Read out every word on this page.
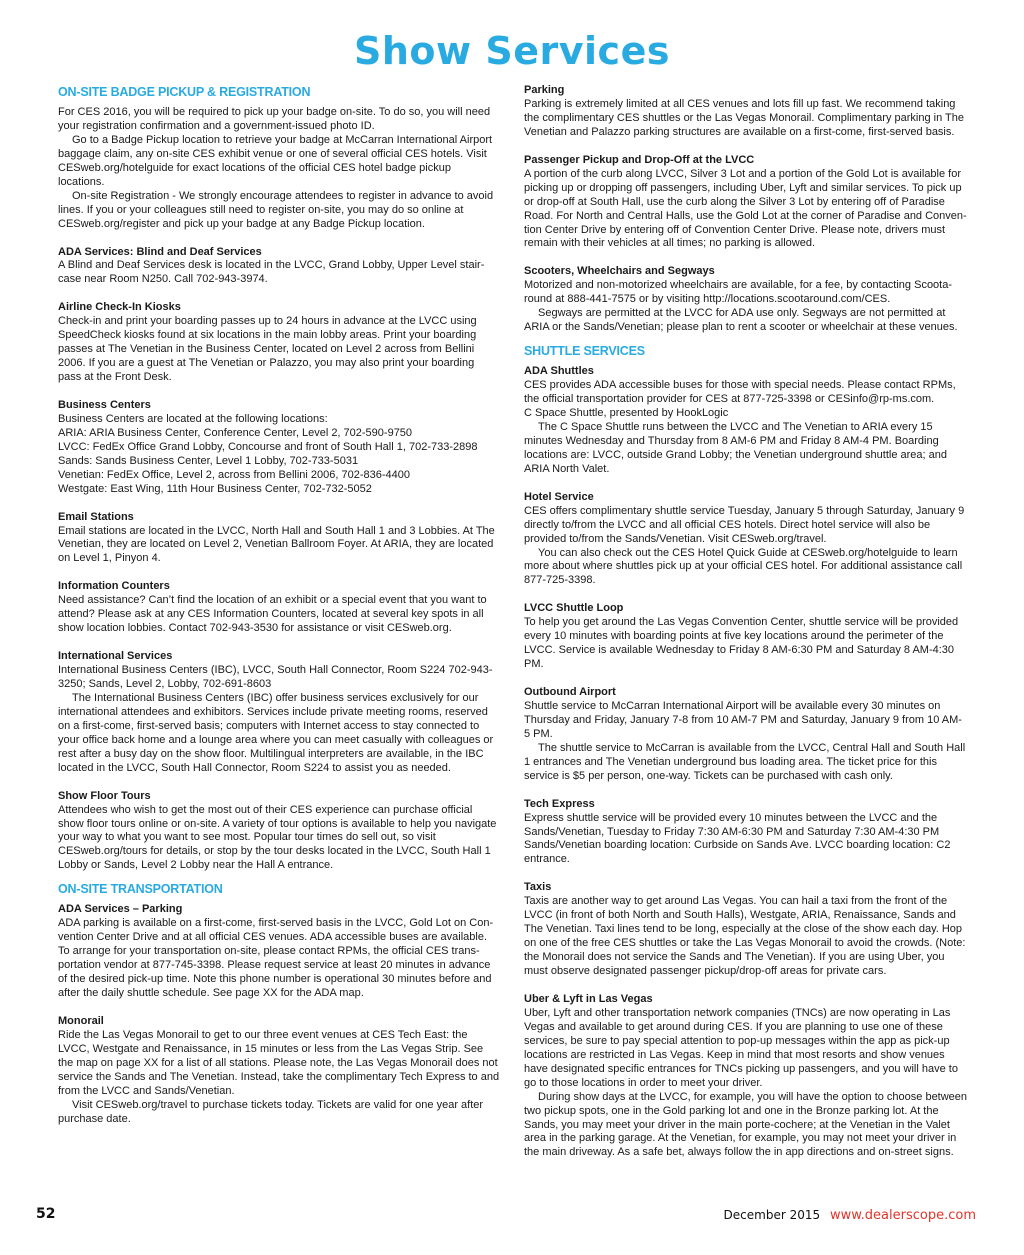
Show Services
ON-SITE BADGE PICKUP & REGISTRATION

For CES 2016, you will be required to pick up your badge on-site. To do so, you will need your registration confirmation and a government-issued photo ID.

Go to a Badge Pickup location to retrieve your badge at McCarran International Airport baggage claim, any on-site CES exhibit venue or one of several official CES hotels. Visit CESweb.org/hotelguide for exact locations of the official CES hotel badge pickup locations.

On-site Registration - We strongly encourage attendees to register in advance to avoid lines. If you or your colleagues still need to register on-site, you may do so online at CESweb.org/register and pick up your badge at any Badge Pickup location.

ADA Services: Blind and Deaf Services

A Blind and Deaf Services desk is located in the LVCC, Grand Lobby, Upper Level stair-case near Room N250. Call 702-943-3974.

Airline Check-In Kiosks

Check-in and print your boarding passes up to 24 hours in advance at the LVCC using SpeedCheck kiosks found at six locations in the main lobby areas. Print your boarding passes at The Venetian in the Business Center, located on Level 2 across from Bellini 2006. If you are a guest at The Venetian or Palazzo, you may also print your boarding pass at the Front Desk.

Business Centers

Business Centers are located at the following locations:

ARIA: ARIA Business Center, Conference Center, Level 2, 702-590-9750

LVCC: FedEx Office Grand Lobby, Concourse and front of South Hall 1, 702-733-2898

Sands: Sands Business Center, Level 1 Lobby, 702-733-5031

Venetian: FedEx Office, Level 2, across from Bellini 2006, 702-836-4400

Westgate: East Wing, 11th Hour Business Center, 702-732-5052

Email Stations

Email stations are located in the LVCC, North Hall and South Hall 1 and 3 Lobbies. At The Venetian, they are located on Level 2, Venetian Ballroom Foyer. At ARIA, they are located on Level 1, Pinyon 4.

Information Counters

Need assistance? Can’t find the location of an exhibit or a special event that you want to attend? Please ask at any CES Information Counters, located at several key spots in all show location lobbies. Contact 702-943-3530 for assistance or visit CESweb.org.

International Services

International Business Centers (IBC), LVCC, South Hall Connector, Room S224 702-943-3250; Sands, Level 2, Lobby, 702-691-8603

The International Business Centers (IBC) offer business services exclusively for our international attendees and exhibitors. Services include private meeting rooms, reserved on a first-come, first-served basis; computers with Internet access to stay connected to your office back home and a lounge area where you can meet casually with colleagues or rest after a busy day on the show floor. Multilingual interpreters are available, in the IBC located in the LVCC, South Hall Connector, Room S224 to assist you as needed.

Show Floor Tours

Attendees who wish to get the most out of their CES experience can purchase official show floor tours online or on-site. A variety of tour options is available to help you navigate your way to what you want to see most. Popular tour times do sell out, so visit CESweb.org/tours for details, or stop by the tour desks located in the LVCC, South Hall 1 Lobby or Sands, Level 2 Lobby near the Hall A entrance.

ON-SITE TRANSPORTATION

ADA Services – Parking

ADA parking is available on a first-come, first-served basis in the LVCC, Gold Lot on Con-vention Center Drive and at all official CES venues. ADA accessible buses are available. To arrange for your transportation on-site, please contact RPMs, the official CES trans-portation vendor at 877-745-3398. Please request service at least 20 minutes in advance of the desired pick-up time. Note this phone number is operational 30 minutes before and after the daily shuttle schedule. See page XX for the ADA map.

Monorail

Ride the Las Vegas Monorail to get to our three event venues at CES Tech East: the LVCC, Westgate and Renaissance, in 15 minutes or less from the Las Vegas Strip. See the map on page XX for a list of all stations. Please note, the Las Vegas Monorail does not service the Sands and The Venetian. Instead, take the complimentary Tech Express to and from the LVCC and Sands/Venetian.

Visit CESweb.org/travel to purchase tickets today. Tickets are valid for one year after purchase date.

Parking

Parking is extremely limited at all CES venues and lots fill up fast. We recommend taking the complimentary CES shuttles or the Las Vegas Monorail. Complimentary parking in The Venetian and Palazzo parking structures are available on a first-come, first-served basis.

Passenger Pickup and Drop-Off at the LVCC

A portion of the curb along LVCC, Silver 3 Lot and a portion of the Gold Lot is available for picking up or dropping off passengers, including Uber, Lyft and similar services. To pick up or drop-off at South Hall, use the curb along the Silver 3 Lot by entering off of Paradise Road. For North and Central Halls, use the Gold Lot at the corner of Paradise and Conven-tion Center Drive by entering off of Convention Center Drive. Please note, drivers must remain with their vehicles at all times; no parking is allowed.

Scooters, Wheelchairs and Segways

Motorized and non-motorized wheelchairs are available, for a fee, by contacting Scoota-round at 888-441-7575 or by visiting http://locations.scootaround.com/CES.

Segways are permitted at the LVCC for ADA use only. Segways are not permitted at ARIA or the Sands/Venetian; please plan to rent a scooter or wheelchair at these venues.

SHUTTLE SERVICES

ADA Shuttles

CES provides ADA accessible buses for those with special needs. Please contact RPMs, the official transportation provider for CES at 877-725-3398 or CESinfo@rp-ms.com.

C Space Shuttle, presented by HookLogic

The C Space Shuttle runs between the LVCC and The Venetian to ARIA every 15 minutes Wednesday and Thursday from 8 AM-6 PM and Friday 8 AM-4 PM. Boarding locations are: LVCC, outside Grand Lobby; the Venetian underground shuttle area; and ARIA North Valet.

Hotel Service

CES offers complimentary shuttle service Tuesday, January 5 through Saturday, January 9 directly to/from the LVCC and all official CES hotels. Direct hotel service will also be provided to/from the Sands/Venetian. Visit CESweb.org/travel.

You can also check out the CES Hotel Quick Guide at CESweb.org/hotelguide to learn more about where shuttles pick up at your official CES hotel. For additional assistance call 877-725-3398.

LVCC Shuttle Loop

To help you get around the Las Vegas Convention Center, shuttle service will be provided every 10 minutes with boarding points at five key locations around the perimeter of the LVCC. Service is available Wednesday to Friday 8 AM-6:30 PM and Saturday 8 AM-4:30 PM.

Outbound Airport

Shuttle service to McCarran International Airport will be available every 30 minutes on Thursday and Friday, January 7-8 from 10 AM-7 PM and Saturday, January 9 from 10 AM-5 PM.

The shuttle service to McCarran is available from the LVCC, Central Hall and South Hall 1 entrances and The Venetian underground bus loading area. The ticket price for this service is $5 per person, one-way. Tickets can be purchased with cash only.

Tech Express

Express shuttle service will be provided every 10 minutes between the LVCC and the Sands/Venetian, Tuesday to Friday 7:30 AM-6:30 PM and Saturday 7:30 AM-4:30 PM Sands/Venetian boarding location: Curbside on Sands Ave. LVCC boarding location: C2 entrance.

Taxis

Taxis are another way to get around Las Vegas. You can hail a taxi from the front of the LVCC (in front of both North and South Halls), Westgate, ARIA, Renaissance, Sands and The Venetian. Taxi lines tend to be long, especially at the close of the show each day. Hop on one of the free CES shuttles or take the Las Vegas Monorail to avoid the crowds. (Note: the Monorail does not service the Sands and The Venetian). If you are using Uber, you must observe designated passenger pickup/drop-off areas for private cars.

Uber & Lyft in Las Vegas

Uber, Lyft and other transportation network companies (TNCs) are now operating in Las Vegas and available to get around during CES. If you are planning to use one of these services, be sure to pay special attention to pop-up messages within the app as pick-up locations are restricted in Las Vegas. Keep in mind that most resorts and show venues have designated specific entrances for TNCs picking up passengers, and you will have to go to those locations in order to meet your driver.

During show days at the LVCC, for example, you will have the option to choose between two pickup spots, one in the Gold parking lot and one in the Bronze parking lot. At the Sands, you may meet your driver in the main porte-cochere; at the Venetian in the Valet area in the parking garage. At the Venetian, for example, you may not meet your driver in the main driveway. As a safe bet, always follow the in app directions and on-street signs.

52	December 2015 www.dealerscope.com
